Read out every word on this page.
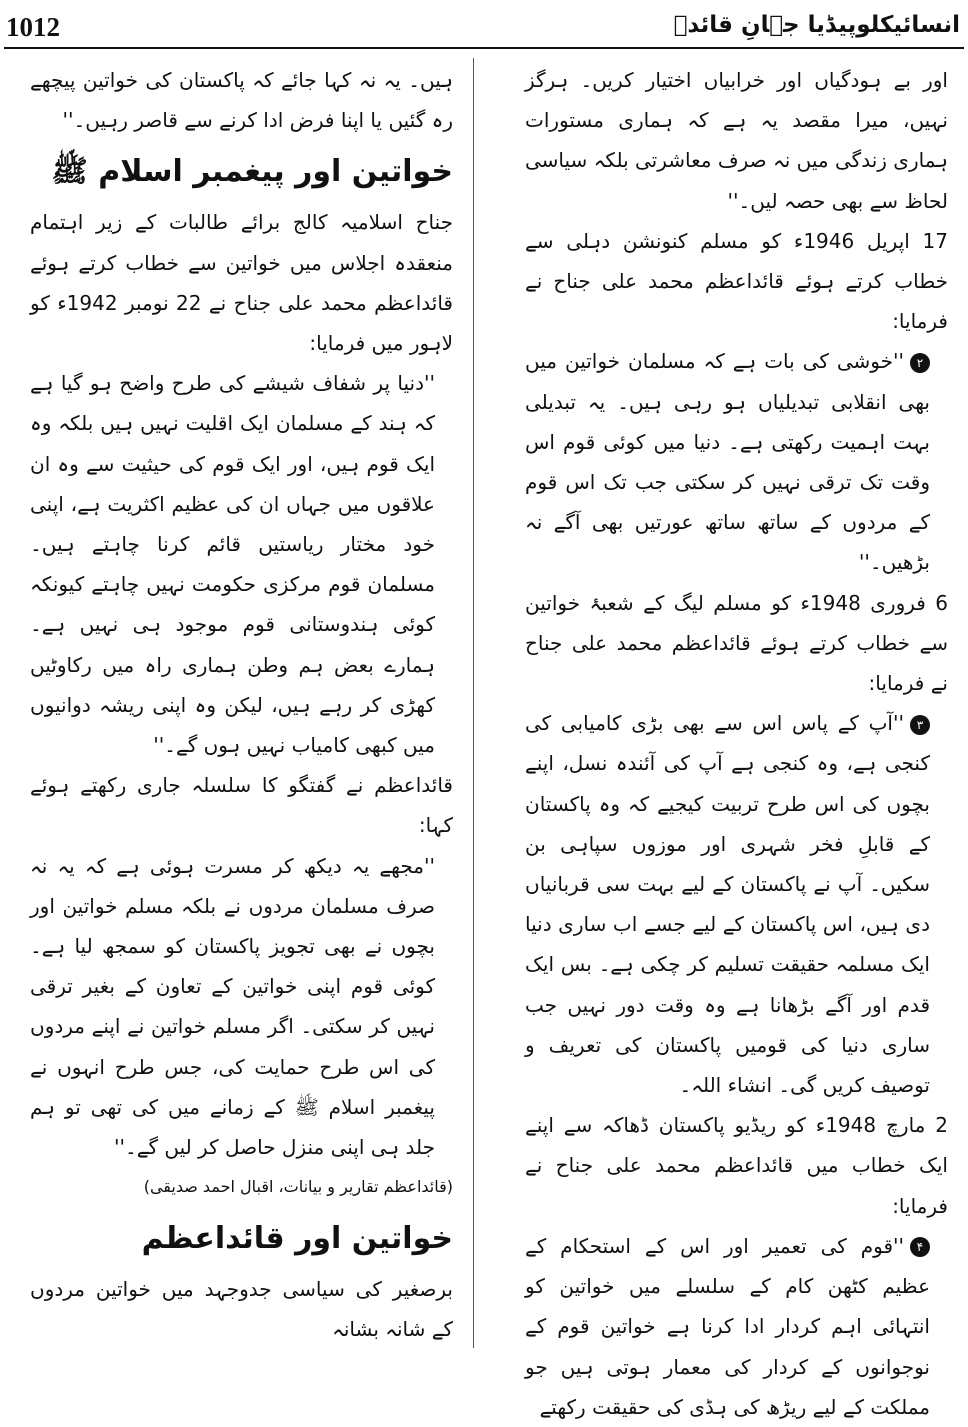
1012	انسائیکلوپیڈیا جہانِ قائدؒ

اور بے ہودگیاں اور خرابیاں اختیار کریں۔ ہرگز نہیں، میرا مقصد یہ ہے کہ ہماری مستورات ہماری زندگی میں نہ صرف معاشرتی بلکہ سیاسی لحاظ سے بھی حصہ لیں۔''

17 اپریل 1946ء کو مسلم کنونشن دہلی سے خطاب کرتے ہوئے قائداعظم محمد علی جناح نے فرمایا:

۲''خوشی کی بات ہے کہ مسلمان خواتین میں بھی انقلابی تبدیلیاں ہو رہی ہیں۔ یہ تبدیلی بہت اہمیت رکھتی ہے۔ دنیا میں کوئی قوم اس وقت تک ترقی نہیں کر سکتی جب تک اس قوم کے مردوں کے ساتھ ساتھ عورتیں بھی آگے نہ بڑھیں۔''

6 فروری 1948ء کو مسلم لیگ کے شعبۂ خواتین سے خطاب کرتے ہوئے قائداعظم محمد علی جناح نے فرمایا:

۳''آپ کے پاس اس سے بھی بڑی کامیابی کی کنجی ہے، وہ کنجی ہے آپ کی آئندہ نسل، اپنے بچوں کی اس طرح تربیت کیجیے کہ وہ پاکستان کے قابلِ فخر شہری اور موزوں سپاہی بن سکیں۔ آپ نے پاکستان کے لیے بہت سی قربانیاں دی ہیں، اس پاکستان کے لیے جسے اب ساری دنیا ایک مسلمہ حقیقت تسلیم کر چکی ہے۔ بس ایک قدم اور آگے بڑھانا ہے وہ وقت دور نہیں جب ساری دنیا کی قومیں پاکستان کی تعریف و توصیف کریں گی۔ انشاء اللہ۔

2 مارچ 1948ء کو ریڈیو پاکستان ڈھاکہ سے اپنے ایک خطاب میں قائداعظم محمد علی جناح نے فرمایا:

۴''قوم کی تعمیر اور اس کے استحکام کے عظیم کٹھن کام کے سلسلے میں خواتین کو انتہائی اہم کردار ادا کرنا ہے خواتین قوم کے نوجوانوں کے کردار کی معمار ہوتی ہیں جو مملکت کے لیے ریڑھ کی ہڈی کی حقیقت رکھتے

ہیں۔ یہ نہ کہا جائے کہ پاکستان کی خواتین پیچھے رہ گئیں یا اپنا فرض ادا کرنے سے قاصر رہیں۔''

خواتین اور پیغمبر اسلام ﷺ

جناح اسلامیہ کالج برائے طالبات کے زیر اہتمام منعقدہ اجلاس میں خواتین سے خطاب کرتے ہوئے قائداعظم محمد علی جناح نے 22 نومبر 1942ء کو لاہور میں فرمایا:

''دنیا پر شفاف شیشے کی طرح واضح ہو گیا ہے کہ ہند کے مسلمان ایک اقلیت نہیں ہیں بلکہ وہ ایک قوم ہیں، اور ایک قوم کی حیثیت سے وہ ان علاقوں میں جہاں ان کی عظیم اکثریت ہے، اپنی خود مختار ریاستیں قائم کرنا چاہتے ہیں۔ مسلمان قوم مرکزی حکومت نہیں چاہتے کیونکہ کوئی ہندوستانی قوم موجود ہی نہیں ہے۔ ہمارے بعض ہم وطن ہماری راہ میں رکاوٹیں کھڑی کر رہے ہیں، لیکن وہ اپنی ریشہ دوانیوں میں کبھی کامیاب نہیں ہوں گے۔''

قائداعظم نے گفتگو کا سلسلہ جاری رکھتے ہوئے کہا:

''مجھے یہ دیکھ کر مسرت ہوئی ہے کہ یہ نہ صرف مسلمان مردوں نے بلکہ مسلم خواتین اور بچوں نے بھی تجویز پاکستان کو سمجھ لیا ہے۔ کوئی قوم اپنی خواتین کے تعاون کے بغیر ترقی نہیں کر سکتی۔ اگر مسلم خواتین نے اپنے مردوں کی اس طرح حمایت کی، جس طرح انہوں نے پیغمبر اسلام ﷺ کے زمانے میں کی تھی تو ہم جلد ہی اپنی منزل حاصل کر لیں گے۔''

(قائداعظم تقاریر و بیانات، اقبال احمد صدیقی)

خواتین اور قائداعظم

برصغیر کی سیاسی جدوجہد میں خواتین مردوں کے شانہ بشانہ
